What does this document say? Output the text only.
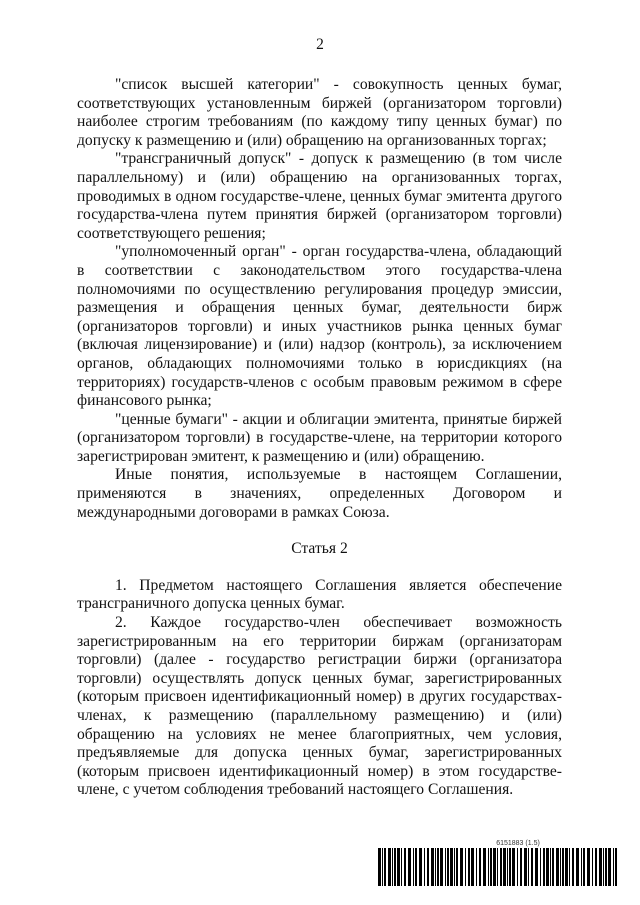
2

"список высшей категории" - совокупность ценных бумаг, соответствующих установленным биржей (организатором торговли) наиболее строгим требованиям (по каждому типу ценных бумаг) по допуску к размещению и (или) обращению на организованных торгах;

"трансграничный допуск" - допуск к размещению (в том числе параллельному) и (или) обращению на организованных торгах, проводимых в одном государстве-члене, ценных бумаг эмитента другого государства-члена путем принятия биржей (организатором торговли) соответствующего решения;

"уполномоченный орган" - орган государства-члена, обладающий в соответствии с законодательством этого государства-члена полномочиями по осуществлению регулирования процедур эмиссии, размещения и обращения ценных бумаг, деятельности бирж (организаторов торговли) и иных участников рынка ценных бумаг (включая лицензирование) и (или) надзор (контроль), за исключением органов, обладающих полномочиями только в юрисдикциях (на территориях) государств-членов с особым правовым режимом в сфере финансового рынка;

"ценные бумаги" - акции и облигации эмитента, принятые биржей (организатором торговли) в государстве-члене, на территории которого зарегистрирован эмитент, к размещению и (или) обращению.

Иные понятия, используемые в настоящем Соглашении, применяются в значениях, определенных Договором и международными договорами в рамках Союза.

Статья 2

1. Предметом настоящего Соглашения является обеспечение трансграничного допуска ценных бумаг.

2. Каждое государство-член обеспечивает возможность зарегистрированным на его территории биржам (организаторам торговли) (далее - государство регистрации биржи (организатора торговли) осуществлять допуск ценных бумаг, зарегистрированных (которым присвоен идентификационный номер) в других государствах-членах, к размещению (параллельному размещению) и (или) обращению на условиях не менее благоприятных, чем условия, предъявляемые для допуска ценных бумаг, зарегистрированных (которым присвоен идентификационный номер) в этом государстве-члене, с учетом соблюдения требований настоящего Соглашения.

6151883 (1.5)
